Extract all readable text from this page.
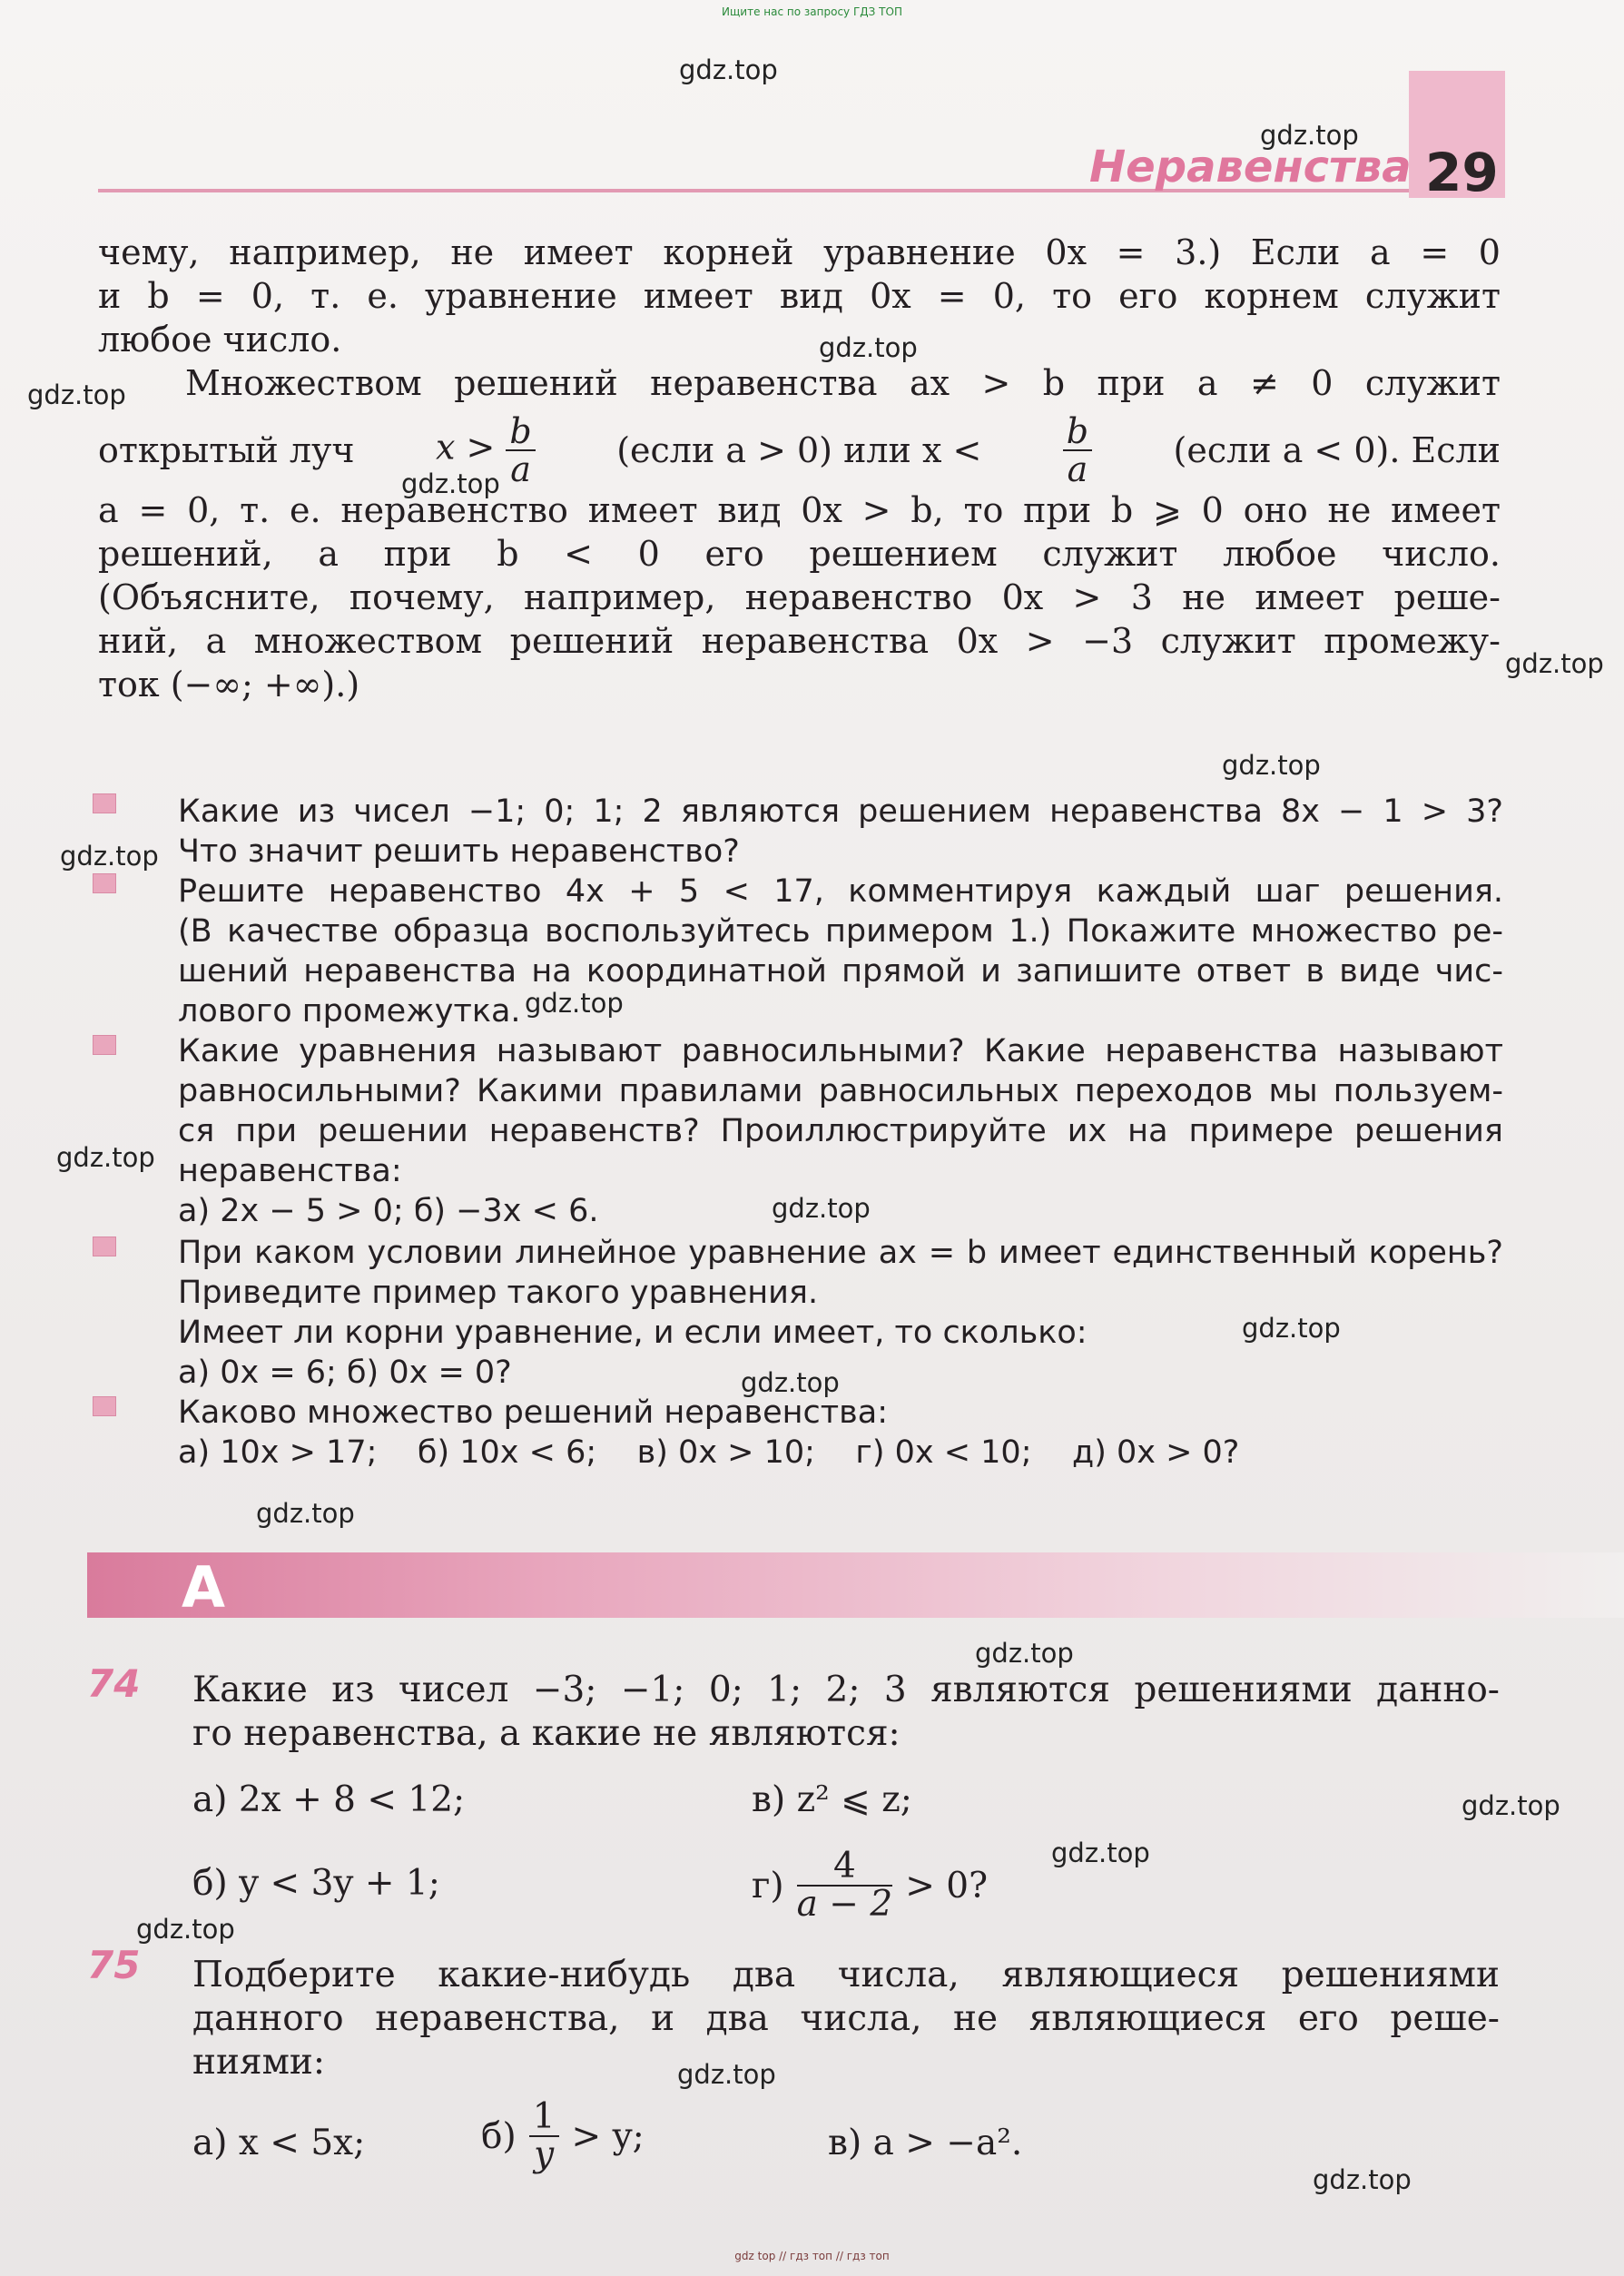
Ищите нас по запросу ГДЗ ТОП
Неравенства 29
чему, например, не имеет корней уравнение 0x = 3.) Если a = 0
и b = 0, т. е. уравнение имеет вид 0x = 0, то его корнем служит
любое число.
Множеством решений неравенства ax > b при a ≠ 0 служит
открытый луч $x > \frac{b}{a}$ (если a > 0) или $x < \frac{b}{a}$ (если a < 0). Если
a = 0, т. е. неравенство имеет вид 0x > b, то при b ⩾ 0 оно не имеет
решений, а при b < 0 его решением служит любое число.
(Объясните, почему, например, неравенство 0x > 3 не имеет реше-
ний, а множеством решений неравенства 0x > −3 служит промежу-
ток (−∞; +∞).)
Какие из чисел −1; 0; 1; 2 являются решением неравенства 8x − 1 > 3?
Что значит решить неравенство?
Решите неравенство 4x + 5 < 17, комментируя каждый шаг решения.
(В качестве образца воспользуйтесь примером 1.) Покажите множество ре-
шений неравенства на координатной прямой и запишите ответ в виде чис-
лового промежутка.
Какие уравнения называют равносильными? Какие неравенства называют
равносильными? Какими правилами равносильных переходов мы пользуем-
ся при решении неравенств? Проиллюстрируйте их на примере решения
неравенства:
а) 2x − 5 > 0; б) −3x < 6.
При каком условии линейное уравнение ax = b имеет единственный корень?
Приведите пример такого уравнения.
Имеет ли корни уравнение, и если имеет, то сколько:
а) 0x = 6; б) 0x = 0?
Каково множество решений неравенства:
а) 10x > 17;    б) 10x < 6;    в) 0x > 10;    г) 0x < 10;    д) 0x > 0?
A
74 Какие из чисел −3; −1; 0; 1; 2; 3 являются решениями данно-
го неравенства, а какие не являются:
а) 2x + 8 < 12;	в) z² ⩽ z;
б) y < 3y + 1;	$г) \frac{4}{a - 2} > 0$?
75 Подберите какие-нибудь два числа, являющиеся решениями
данного неравенства, и два числа, не являющиеся его реше-
ниями:
а) x < 5x;	$б) \frac{1}{y} > y$;	в) a > −a².
gdz.top
gdz.top
gdz.top
gdz.top
gdz.top
gdz.top
gdz.top
gdz.top
gdz.top
gdz.top
gdz.top
gdz.top
gdz.top
gdz.top
gdz.top
gdz.top
gdz.top
gdz.top
gdz.top
gdz.top
gdz top // гдз топ // гдз топ
